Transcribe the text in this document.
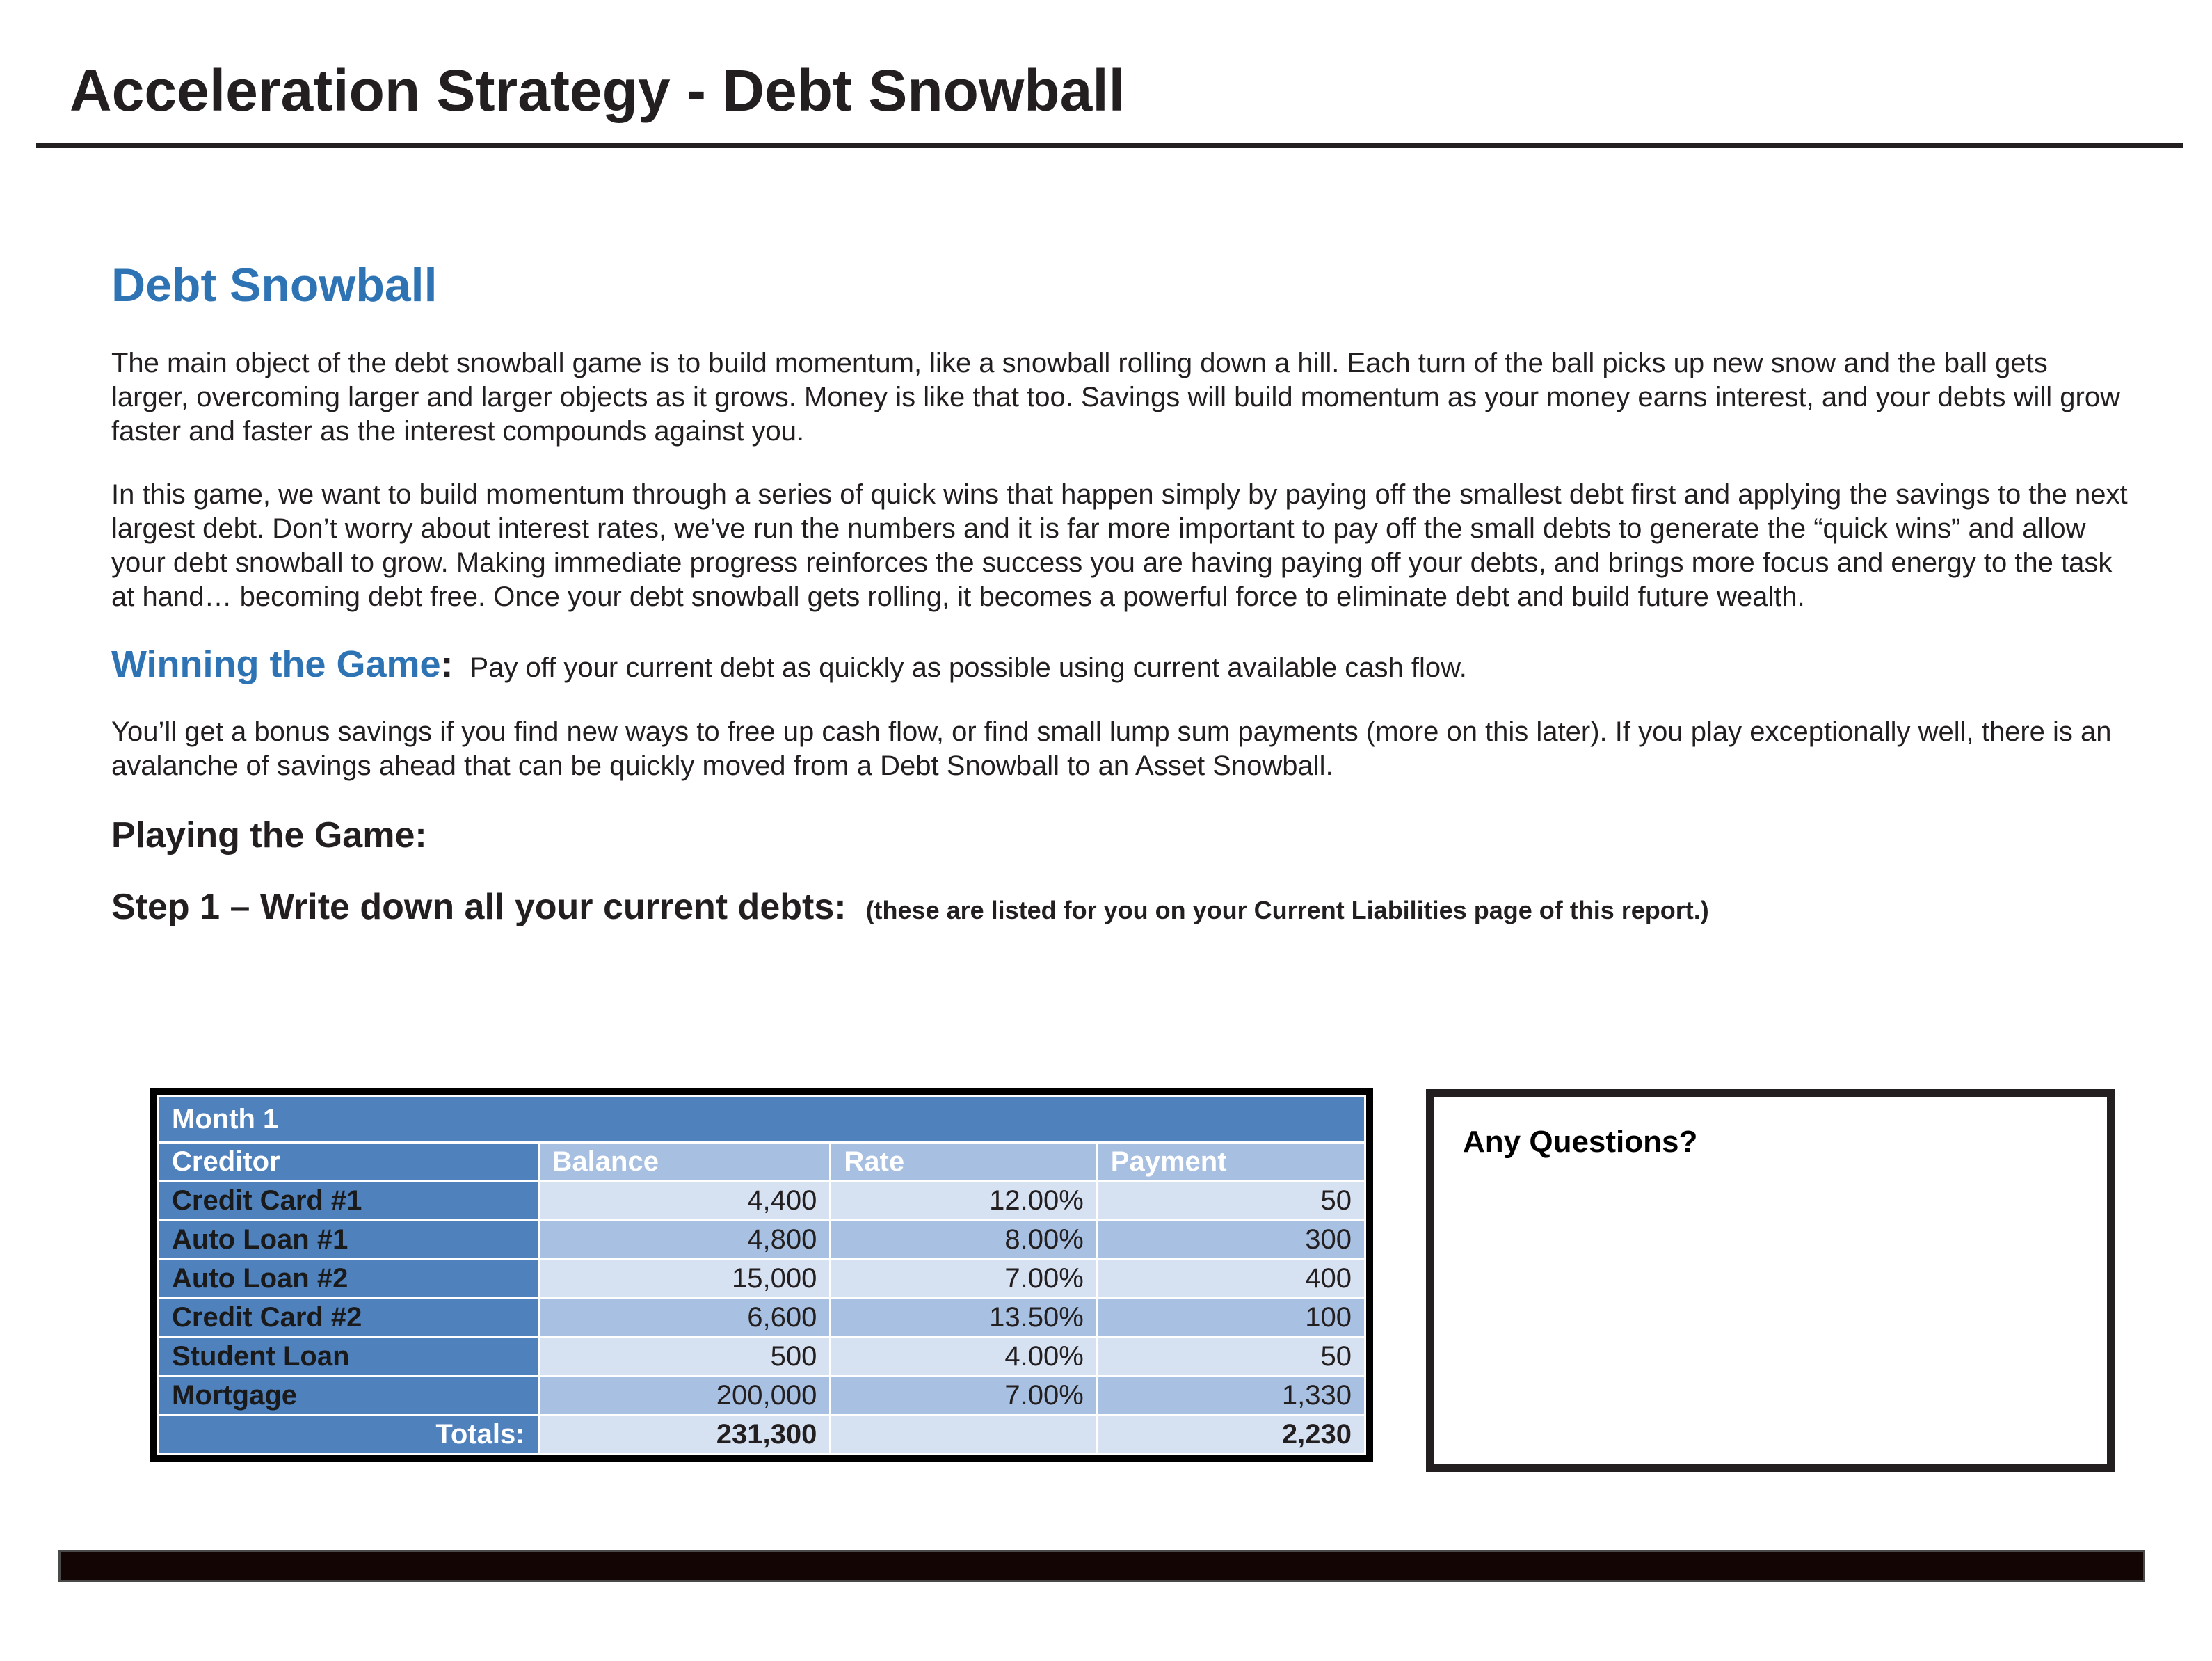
Acceleration Strategy - Debt Snowball
Debt Snowball

The main object of the debt snowball game is to build momentum, like a snowball rolling down a hill. Each turn of the ball picks up new snow and the ball gets larger, overcoming larger and larger objects as it grows. Money is like that too. Savings will build momentum as your money earns interest, and your debts will grow faster and faster as the interest compounds against you.

In this game, we want to build momentum through a series of quick wins that happen simply by paying off the smallest debt first and applying the savings to the next largest debt. Don’t worry about interest rates, we’ve run the numbers and it is far more important to pay off the small debts to generate the “quick wins” and allow your debt snowball to grow. Making immediate progress reinforces the success you are having paying off your debts, and brings more focus and energy to the task at hand… becoming debt free. Once your debt snowball gets rolling, it becomes a powerful force to eliminate debt and build future wealth.

Winning the Game: Pay off your current debt as quickly as possible using current available cash flow.

You’ll get a bonus savings if you find new ways to free up cash flow, or find small lump sum payments (more on this later). If you play exceptionally well, there is an avalanche of savings ahead that can be quickly moved from a Debt Snowball to an Asset Snowball.

Playing the Game:
Step 1 – Write down all your current debts: (these are listed for you on your Current Liabilities page of this report.)
Month 1			
Creditor	Balance	Rate	Payment
Credit Card #1	4,400	12.00%	50
Auto Loan #1	4,800	8.00%	300
Auto Loan #2	15,000	7.00%	400
Credit Card #2	6,600	13.50%	100
Student Loan	500	4.00%	50
Mortgage	200,000	7.00%	1,330
Totals:	231,300		2,230

Any Questions?
